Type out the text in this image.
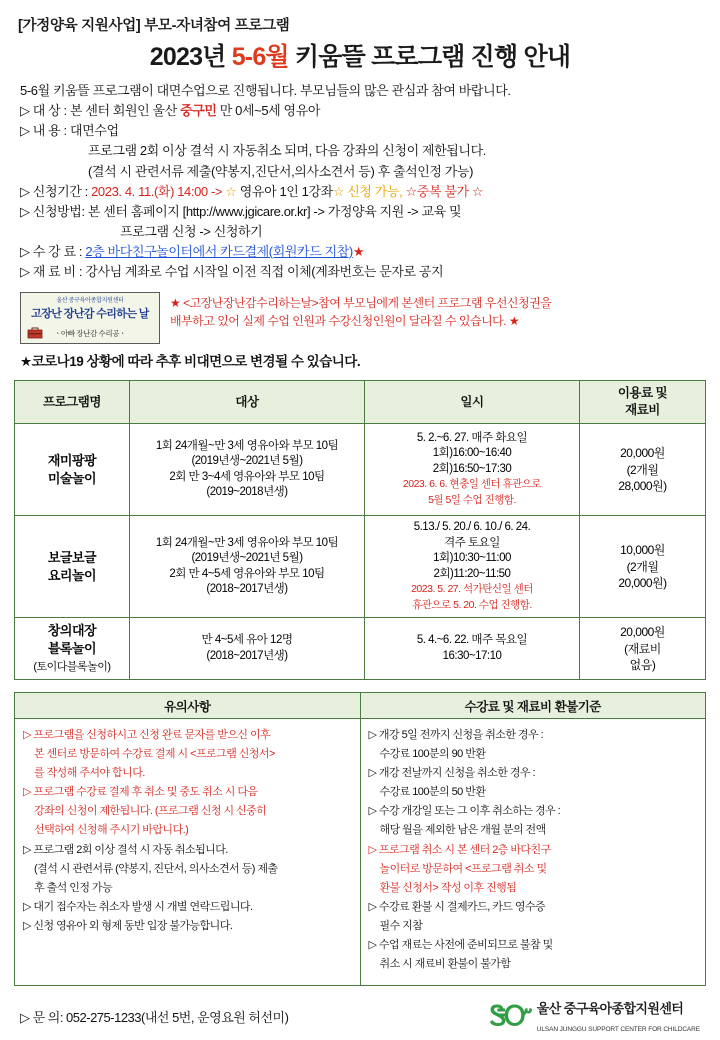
[가정양육 지원사업] 부모-자녀참여 프로그램
2023년 5-6월 키움뜰 프로그램 진행 안내
5-6월 키움뜰 프로그램이 대면수업으로 진행됩니다. 부모님들의 많은 관심과 참여 바랍니다.
▷ 대 상 : 본 센터 회원인 울산 중구민 만 0세~5세 영유아
▷ 내 용 : 대면수업
프로그램 2회 이상 결석 시 자동취소 되며, 다음 강좌의 신청이 제한됩니다.
(결석 시 관련서류 제출(약봉지,진단서,의사소견서 등) 후 출석인정 가능)
▷ 신청기간 : 2023. 4. 11.(화) 14:00 -> ☆ 영유아 1인 1강좌☆ 신청 가능, ☆중복 불가 ☆
▷ 신청방법: 본 센터 홈페이지 [http://www.jgicare.or.kr] -> 가정양육 지원 -> 교육 및
프로그램 신청 -> 신청하기
▷ 수 강 료 : 2층 바다친구놀이터에서 카드결제(회원카드 지참)★
▷ 재 료 비 : 강사님 계좌로 수업 시작일 이전 직접 이체(계좌번호는 문자로 공지
울산 중구육아종합지원센터
고장난 장난감 수리하는 날
ㆍ아빠 장난감 수리공ㆍ
★ <고장난장난감수리하는날>참여 부모님에게 본센터 프로그램 우선신청권을
배부하고 있어 실제 수업 인원과 수강신청인원이 달라질 수 있습니다. ★
★코로나19 상황에 따라 추후 비대면으로 변경될 수 있습니다.
프로그램명	대상	일시	이용료 및
재료비
재미팡팡
미술놀이	1회 24개월~만 3세 영유아와 부모 10팀
(2019년생~2021년 5월)
2회 만 3~4세 영유아와 부모 10팀
(2019~2018년생)	5. 2.~6. 27. 매주 화요일
1회)16:00~16:40
2회)16:50~17:30
2023. 6. 6. 현충일 센터 휴관으로
5월 5일 수업 진행함.	20,000원
(2개월
28,000원)
보글보글
요리놀이	1회 24개월~만 3세 영유아와 부모 10팀
(2019년생~2021년 5월)
2회 만 4~5세 영유아와 부모 10팀
(2018~2017년생)	5.13./ 5. 20./ 6. 10./ 6. 24.
격주 토요일
1회)10:30~11:00
2회)11:20~11:50
2023. 5. 27. 석가탄신일 센터
휴관으로 5. 20. 수업 진행함.	10,000원
(2개월
20,000원)
창의대장
블록놀이
(토이다블록놀이)	만 4~5세 유아 12명
(2018~2017년생)	5. 4.~6. 22. 매주 목요일
16:30~17:10	20,000원
(재료비
없음)
유의사항	수강료 및 재료비 환불기준

▷ 프로그램을 신청하시고 신청 완료 문자를 받으신 이후

본 센터로 방문하여 수강료 결제 시 <프로그램 신청서>

를 작성해 주셔야 합니다.

▷ 프로그램 수강료 결제 후 취소 및 중도 취소 시 다음

강좌의 신청이 제한됩니다. (프로그램 신청 시 신중히

선택하여 신청해 주시기 바랍니다.)

▷ 프로그램 2회 이상 결석 시 자동 취소됩니다.

(결석 시 관련서류 (약봉지, 진단서, 의사소견서 등) 제출

후 출석 인정 가능

▷ 대기 접수자는 취소자 발생 시 개별 연락드립니다.

▷ 신청 영유아 외 형제 동반 입장 불가능합니다.

▷ 개강 5일 전까지 신청을 취소한 경우 :

수강료 100분의 90 반환

▷ 개강 전날까지 신청을 취소한 경우 :

수강료 100분의 50 반환

▷ 수강 개강일 또는 그 이후 취소하는 경우 :

해당 월을 제외한 남은 개월 분의 전액

▷ 프로그램 취소 시 본 센터 2층 바다친구

놀이터로 방문하여 <프로그램 취소 및

환불 신청서> 작성 이후 진행됨

▷ 수강료 환불 시 결제카드, 카드 영수증

필수 지참

▷ 수업 재료는 사전에 준비되므로 불참 및

취소 시 재료비 환불이 불가함

▷ 문 의: 052-275-1233(내선 5번, 운영요원 허선미)	ᏕᏅ 울산 중구육아종합지원센터
ULSAN JUNGGU SUPPORT CENTER FOR CHILDCARE
